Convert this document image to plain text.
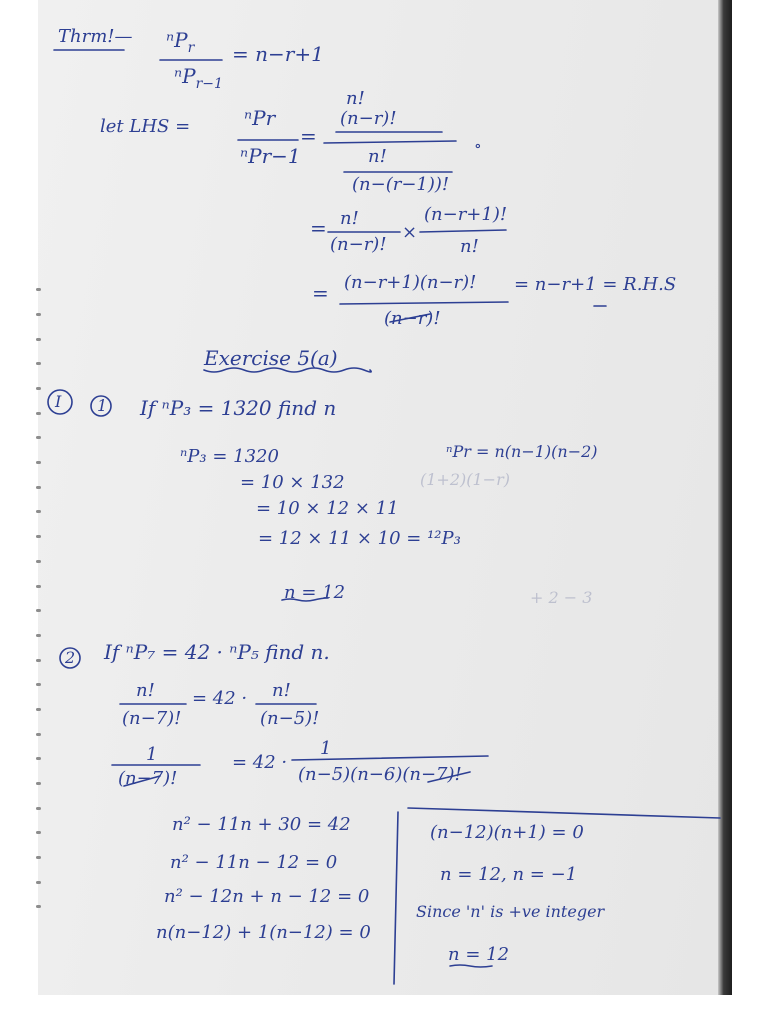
Thrm!— ⁿP$_r$
ⁿP$_{r-1}$
= n−r+1
let LHS =	ⁿPr
ⁿPr−1
=
n!
(n−r)!
n!
(n−(r−1))!
∘
= n!
(n−r)!
×
(n−r+1)!
n!
= (n−r+1)(n−r)!
(n−r)!
= n−r+1 = R.H.S
Exercise 5(a)
I 1 If ⁿP₃ = 1320 find n
ⁿPr = n(n−1)(n−2)
ⁿP₃ = 1320
= 10 × 132
= 10 × 12 × 11
= 12 × 11 × 10 = ¹²P₃
n = 12
2 If ⁿP₇ = 42 · ⁿP₅ find n.
n!
(n−7)!
= 42 · n!
(n−5)!
1
(n−7)!
= 42 ·
1
(n−5)(n−6)(n−7)!
n² − 11n + 30 = 42
n² − 11n − 12 = 0
n² − 12n + n − 12 = 0
n(n−12) + 1(n−12) = 0
(n−12)(n+1) = 0
n = 12, n = −1
Since 'n' is +ve integer
n = 12
(1+2)(1−r)
+ 2 − 3
